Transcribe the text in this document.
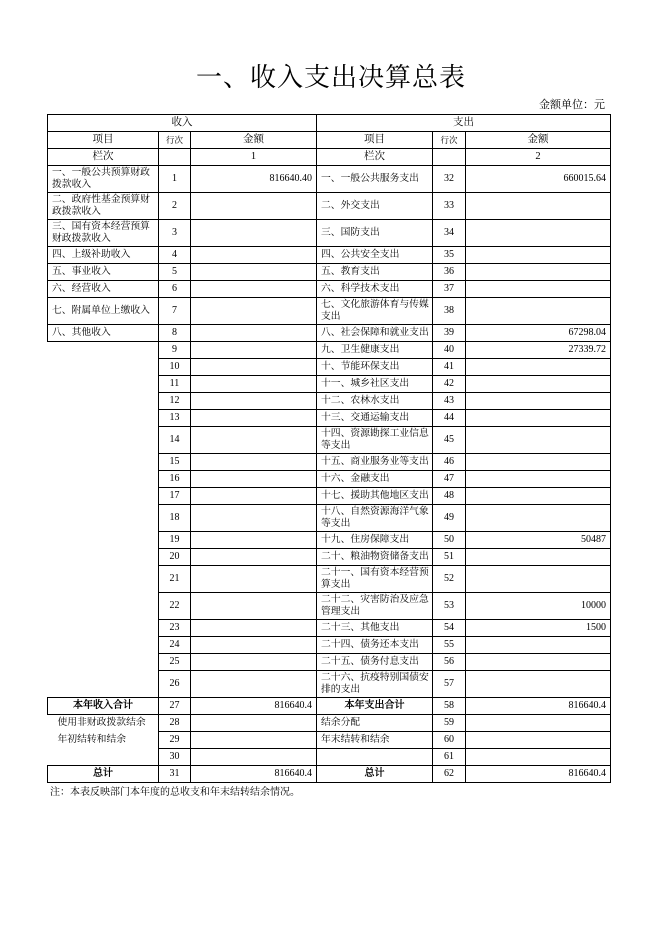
一、收入支出决算总表
金额单位：元
收入			支出		
项目	行次	金额	项目	行次	金额
栏次		1	栏次		2
一、一般公共预算财政拨款收入	1	816640.40	一、一般公共服务支出	32	660015.64
二、政府性基金预算财政拨款收入	2		二、外交支出	33	
三、国有资本经营预算财政拨款收入	3		三、国防支出	34	
四、上级补助收入	4		四、公共安全支出	35	
五、事业收入	5		五、教育支出	36	
六、经营收入	6		六、科学技术支出	37	
七、附属单位上缴收入	7		七、文化旅游体育与传媒支出	38	
八、其他收入	8		八、社会保障和就业支出	39	67298.04
	9		九、卫生健康支出	40	27339.72
	10		十、节能环保支出	41	
	11		十一、城乡社区支出	42	
	12		十二、农林水支出	43	
	13		十三、交通运输支出	44	
	14		十四、资源勘探工业信息等支出	45	
	15		十五、商业服务业等支出	46	
	16		十六、金融支出	47	
	17		十七、援助其他地区支出	48	
	18		十八、自然资源海洋气象等支出	49	
	19		十九、住房保障支出	50	50487
	20		二十、粮油物资储备支出	51	
	21		二十一、国有资本经营预算支出	52	
	22		二十二、灾害防治及应急管理支出	53	10000
	23		二十三、其他支出	54	1500
	24		二十四、债务还本支出	55	
	25		二十五、债务付息支出	56	
	26		二十六、抗疫特别国债安排的支出	57	
本年收入合计	27	816640.4	本年支出合计	58	816640.4
使用非财政拨款结余	28		结余分配	59	
年初结转和结余	29		年末结转和结余	60	
	30			61	
总计	31	816640.4	总计	62	816640.4
注：本表反映部门本年度的总收支和年末结转结余情况。
